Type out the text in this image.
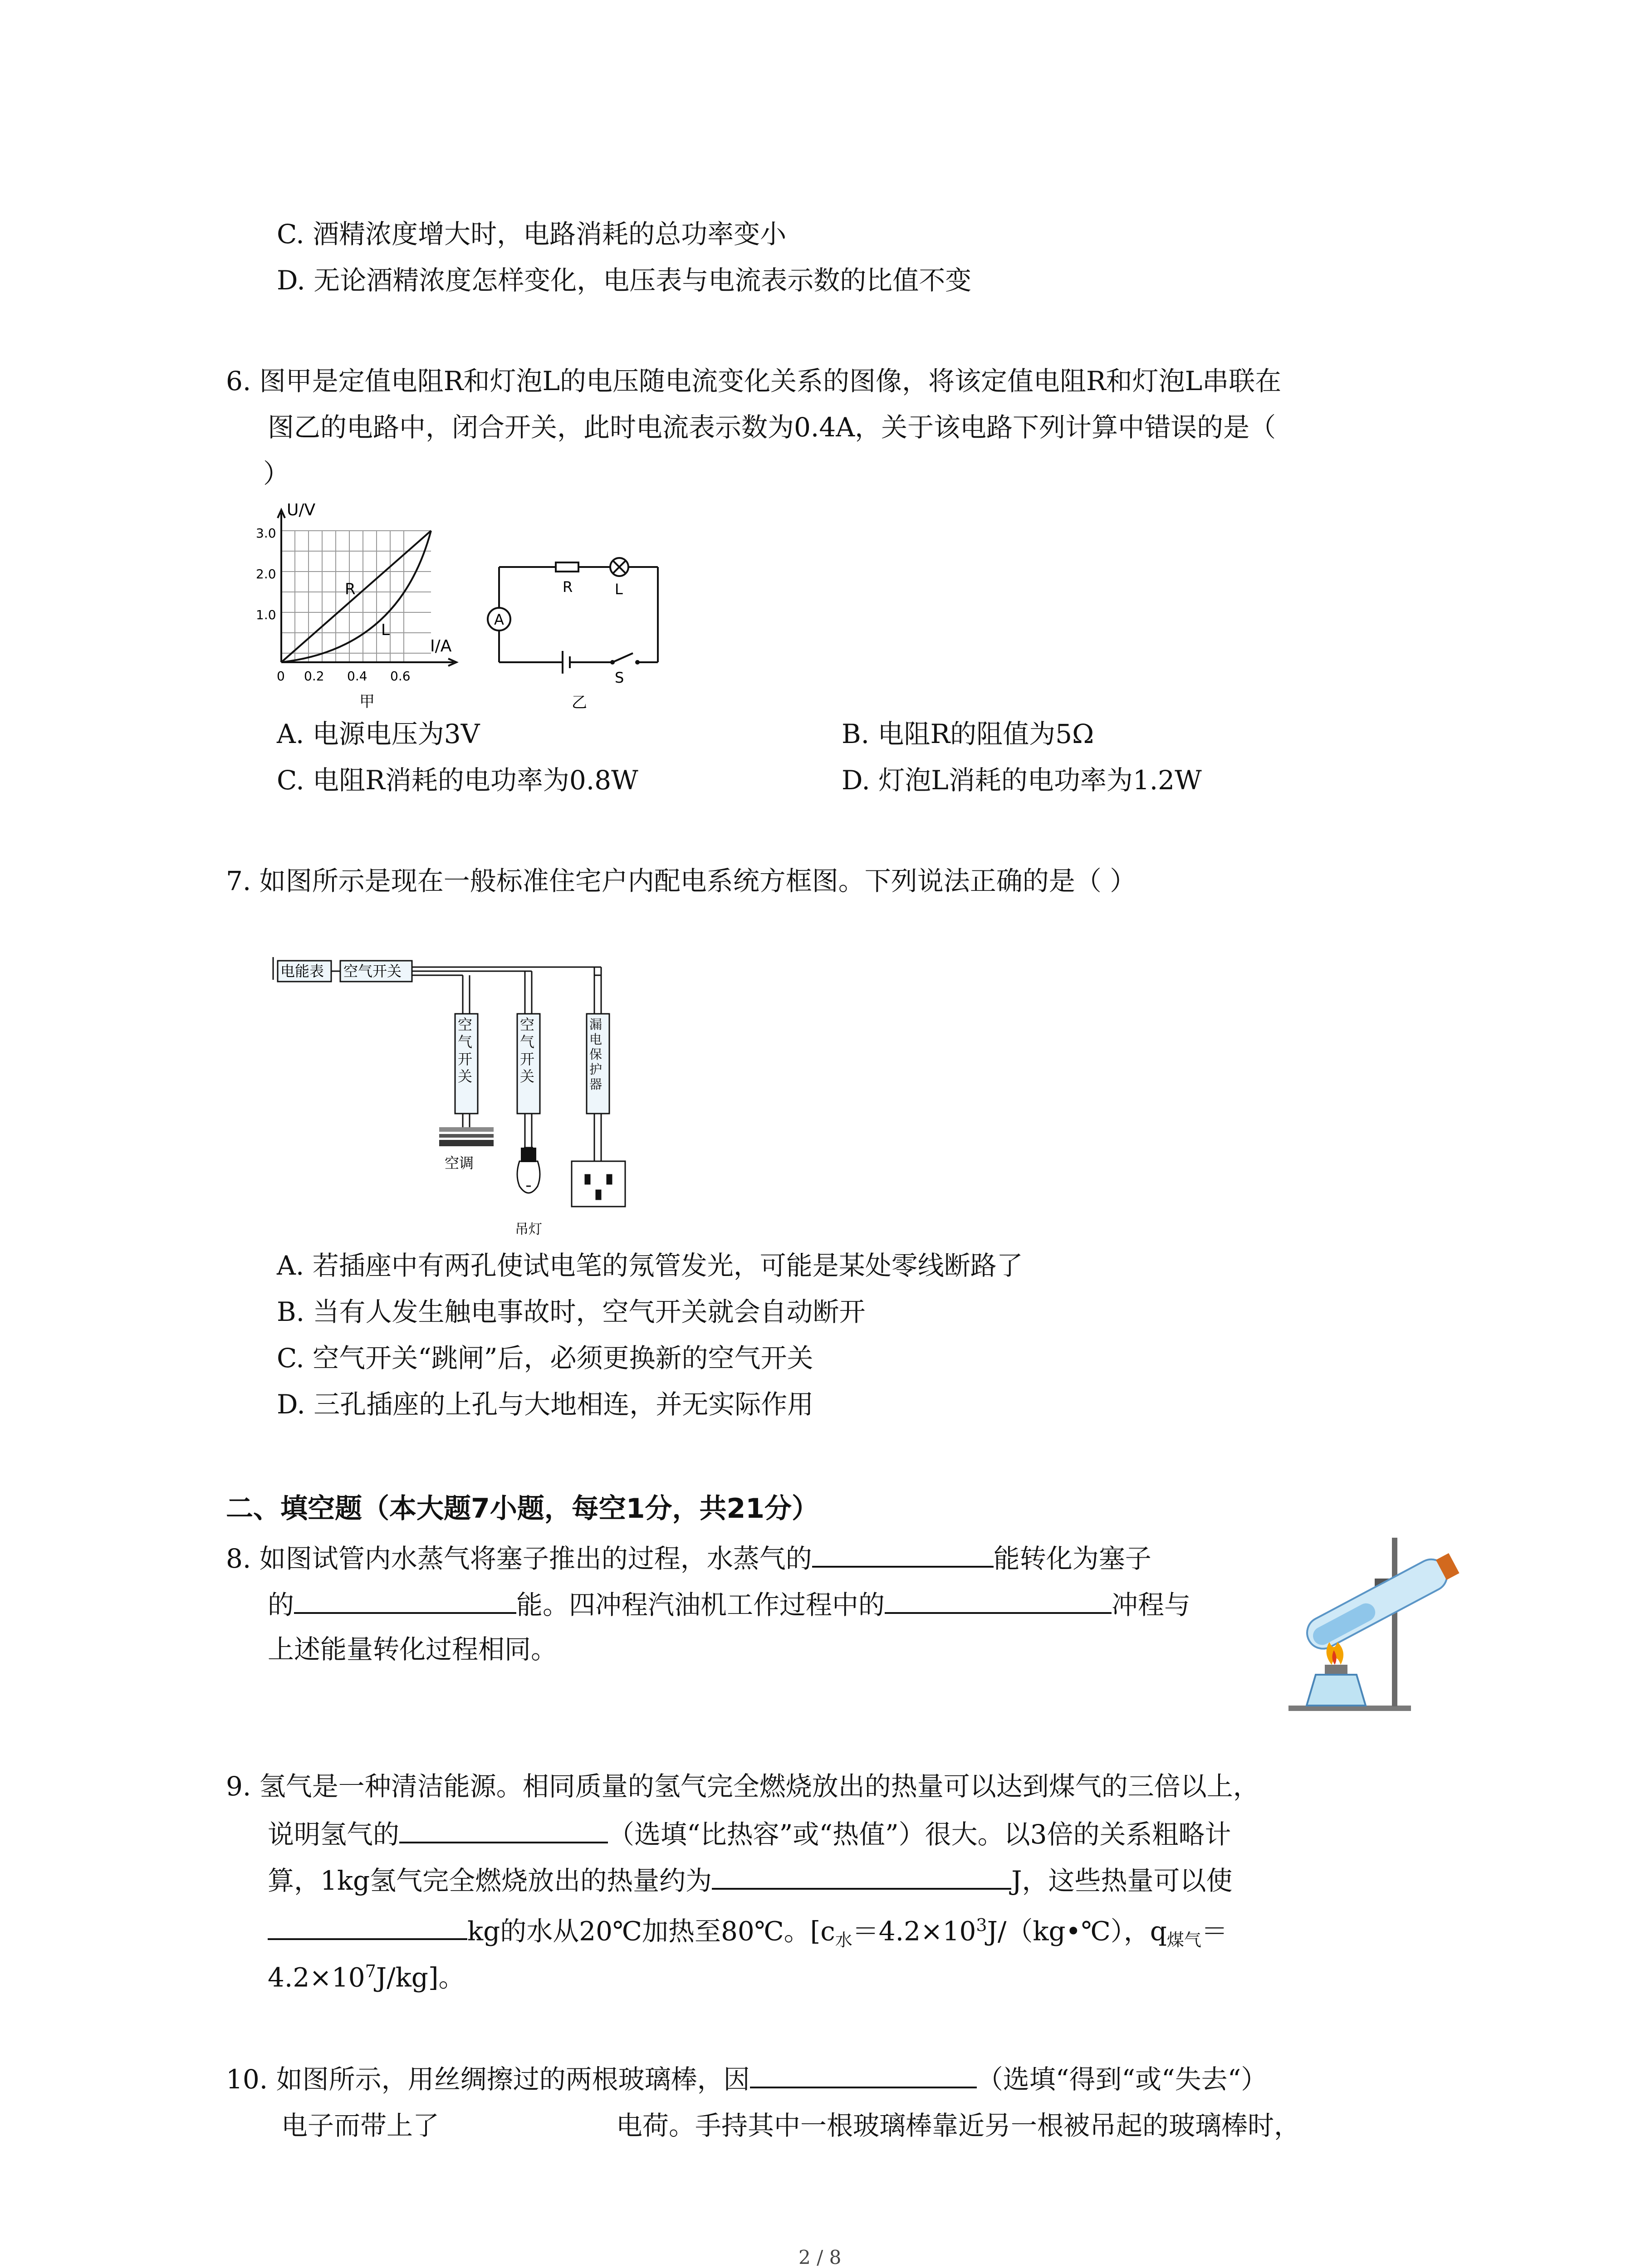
C. 酒精浓度增大时，电路消耗的总功率变小
D. 无论酒精浓度怎样变化，电压表与电流表示数的比值不变
6. 图甲是定值电阻R和灯泡L的电压随电流变化关系的图像，将该定值电阻R和灯泡L串联在
图乙的电路中，闭合开关，此时电流表示数为0.4A，关于该电路下列计算中错误的是（
）
U/V
I/A
3.0
2.0
1.0
0 0.2 0.4 0.6
R
L
甲
R	L
A
S
乙
A. 电源电压为3V	B. 电阻R的阻值为5Ω
C. 电阻R消耗的电功率为0.8W	D. 灯泡L消耗的电功率为1.2W
7. 如图所示是现在一般标准住宅户内配电系统方框图。下列说法正确的是（ ）
电能表 空气开关
空调
吊灯
空气开关
空气开关
漏电保护器
A. 若插座中有两孔使试电笔的氖管发光，可能是某处零线断路了
B. 当有人发生触电事故时，空气开关就会自动断开
C. 空气开关“跳闸”后，必须更换新的空气开关
D. 三孔插座的上孔与大地相连，并无实际作用
二、填空题（本大题7小题，每空1分，共21分）
8. 如图试管内水蒸气将塞子推出的过程，水蒸气的	能转化为塞子
的	能。四冲程汽油机工作过程中的	冲程与
上述能量转化过程相同。
9. 氢气是一种清洁能源。相同质量的氢气完全燃烧放出的热量可以达到煤气的三倍以上，
说明氢气的	（选填“比热容”或“热值”）很大。以3倍的关系粗略计
算，1kg氢气完全燃烧放出的热量约为	J，这些热量可以使
kg的水从20℃加热至80℃。[$c_水=4.2\times 10^3J/(kg•℃)$，$q_{煤气}=$
$4.2\times 10^7J/kg$]。
10. 如图所示，用丝绸擦过的两根玻璃棒，因	（选填“得到“或“失去“）
电子而带上了	电荷。手持其中一根玻璃棒靠近另一根被吊起的玻璃棒时，
2 / 8
